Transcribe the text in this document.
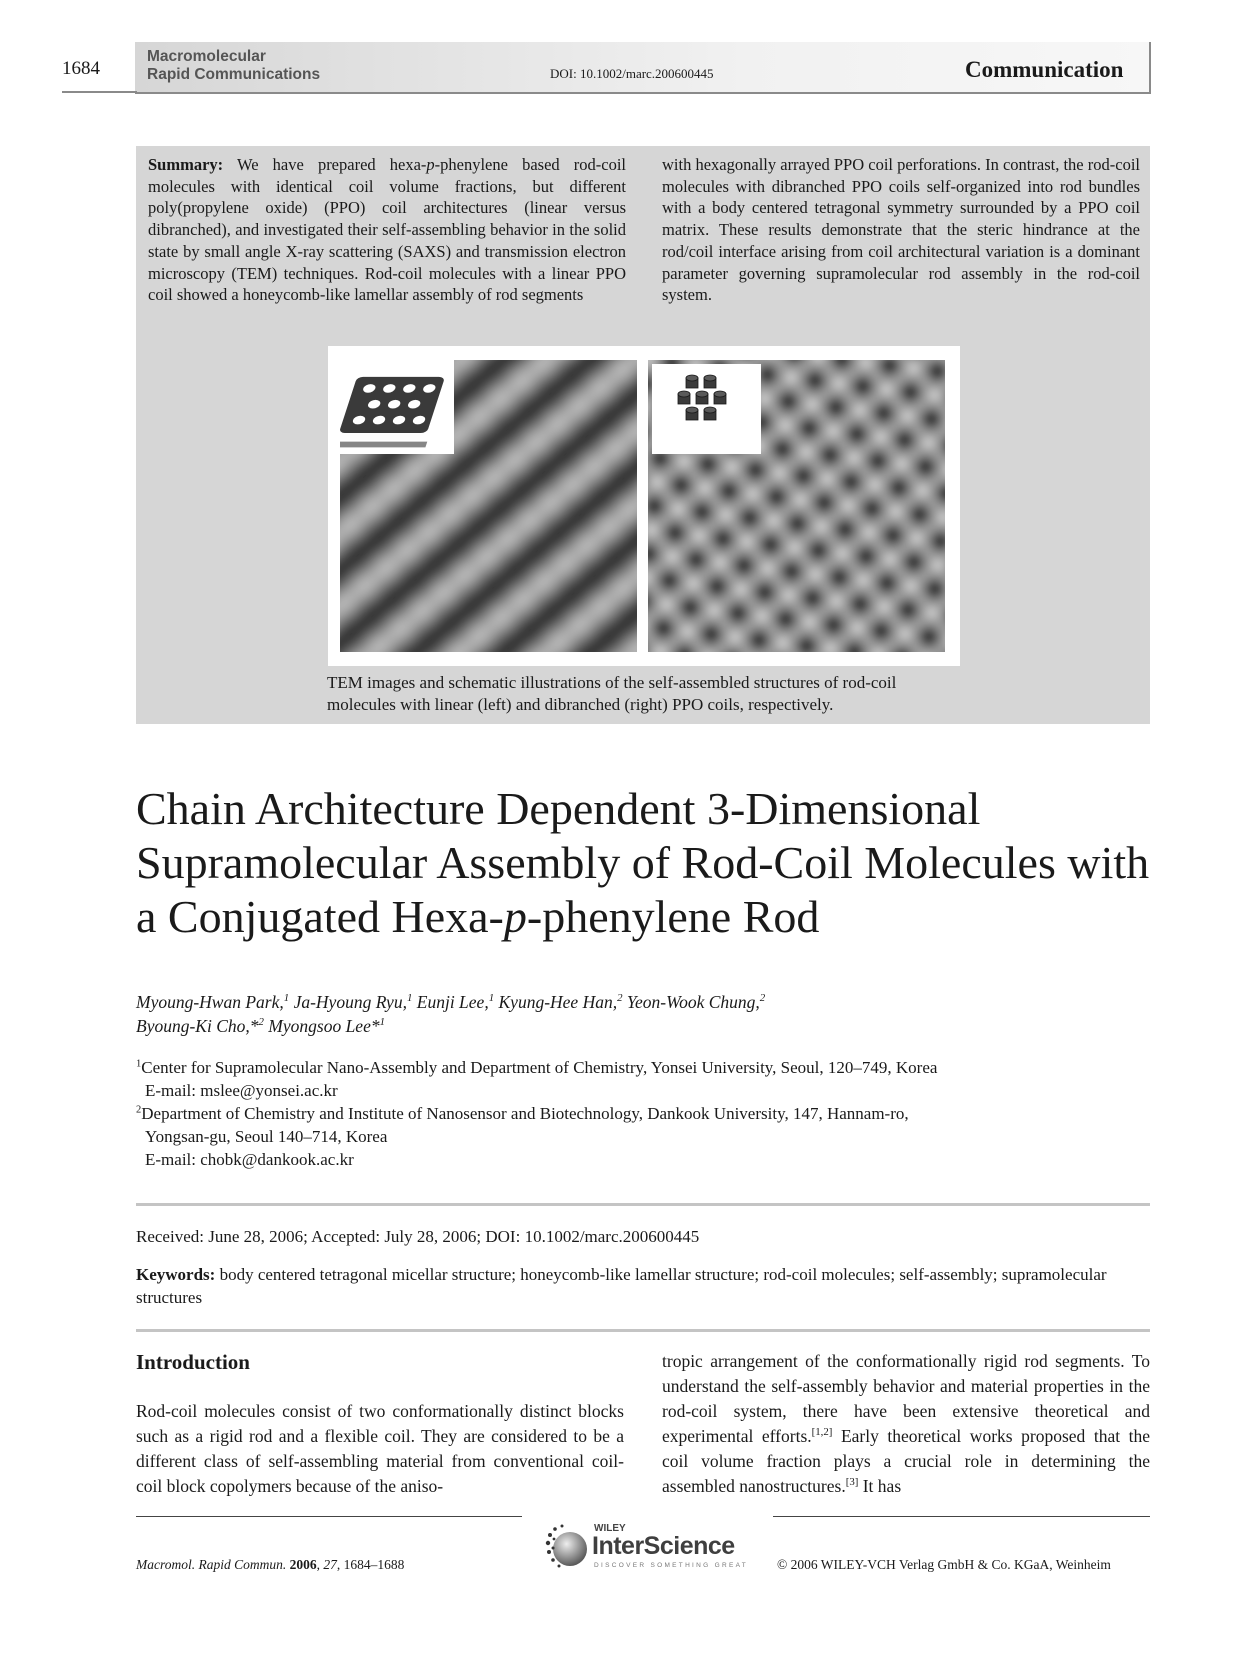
1684
Macromolecular
Rapid Communications	DOI: 10.1002/marc.200600445	Communication
Summary: We have prepared hexa-p-phenylene based rod-coil molecules with identical coil volume fractions, but different poly(propylene oxide) (PPO) coil architectures (linear versus dibranched), and investigated their self-assembling behavior in the solid state by small angle X-ray scattering (SAXS) and transmission electron microscopy (TEM) techniques. Rod-coil molecules with a linear PPO coil showed a honeycomb-like lamellar assembly of rod segments
with hexagonally arrayed PPO coil perforations. In contrast, the rod-coil molecules with dibranched PPO coils self-organized into rod bundles with a body centered tetragonal symmetry surrounded by a PPO coil matrix. These results demonstrate that the steric hindrance at the rod/coil interface arising from coil architectural variation is a dominant parameter governing supramolecular rod assembly in the rod-coil system.
TEM images and schematic illustrations of the self-assembled structures of rod-coil molecules with linear (left) and dibranched (right) PPO coils, respectively.
Chain Architecture Dependent 3-Dimensional Supramolecular Assembly of Rod-Coil Molecules with a Conjugated Hexa-p-phenylene Rod
Myoung-Hwan Park,$^1$ Ja-Hyoung Ryu,$^1$ Eunji Lee,$^1$ Kyung-Hee Han,$^2$ Yeon-Wook Chung,$^2$
Byoung-Ki Cho,*$^2$ Myongsoo Lee*$^1$
$^1$Center for Supramolecular Nano-Assembly and Department of Chemistry, Yonsei University, Seoul, 120–749, Korea
E-mail: mslee@yonsei.ac.kr
$^2$Department of Chemistry and Institute of Nanosensor and Biotechnology, Dankook University, 147, Hannam-ro,
Yongsan-gu, Seoul 140–714, Korea
E-mail: chobk@dankook.ac.kr
Received: June 28, 2006; Accepted: July 28, 2006; DOI: 10.1002/marc.200600445
Keywords: body centered tetragonal micellar structure; honeycomb-like lamellar structure; rod-coil molecules; self-assembly; supramolecular structures
Introduction
Rod-coil molecules consist of two conformationally distinct blocks such as a rigid rod and a flexible coil. They are considered to be a different class of self-assembling material from conventional coil-coil block copolymers because of the aniso-
tropic arrangement of the conformationally rigid rod segments. To understand the self-assembly behavior and material properties in the rod-coil system, there have been extensive theoretical and experimental efforts.[1,2] Early theoretical works proposed that the coil volume fraction plays a crucial role in determining the assembled nanostructures.[3] It has
Macromol. Rapid Commun. 2006, 27, 1684–1688	© 2006 WILEY-VCH Verlag GmbH & Co. KGaA, Weinheim
WILEY
InterScience
DISCOVER SOMETHING GREAT
